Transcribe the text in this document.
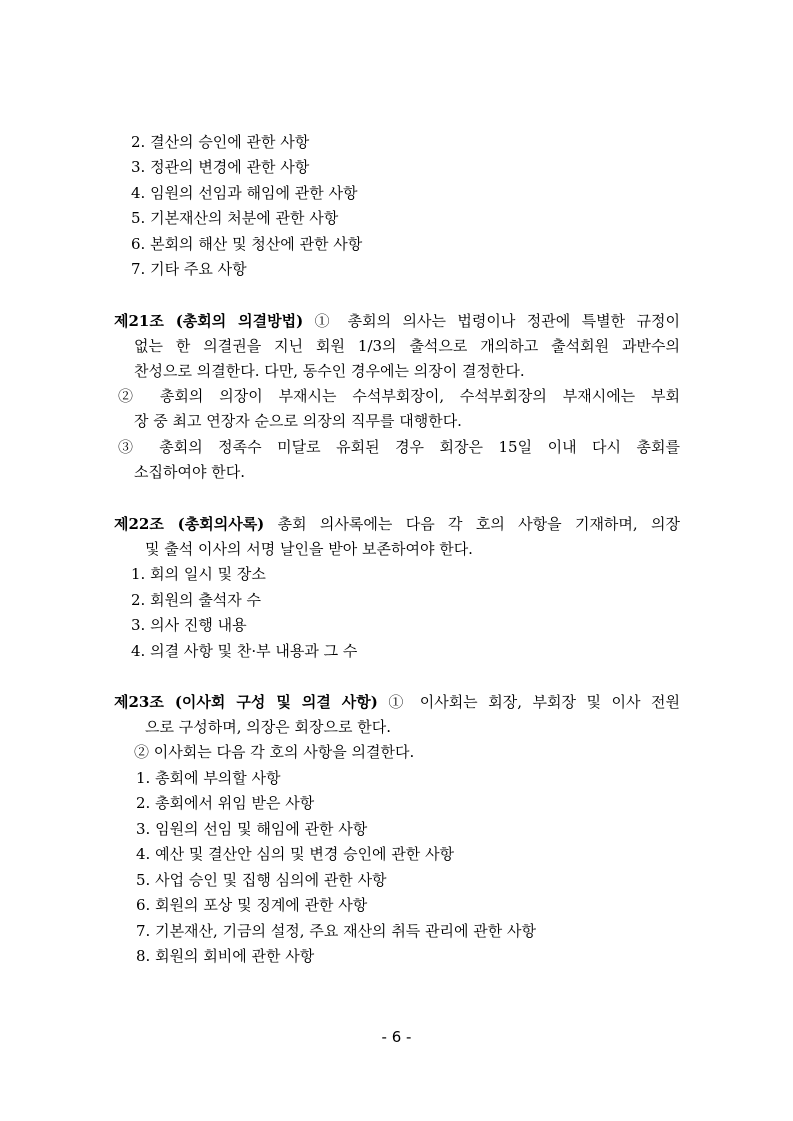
2. 결산의 승인에 관한 사항
3. 정관의 변경에 관한 사항
4. 임원의 선임과 해임에 관한 사항
5. 기본재산의 처분에 관한 사항
6. 본회의 해산 및 청산에 관한 사항
7. 기타 주요 사항
제21조 (총회의 의결방법) ① 총회의 의사는 법령이나 정관에 특별한 규정이
없는 한 의결권을 지닌 회원 1/3의 출석으로 개의하고 출석회원 과반수의
찬성으로 의결한다. 다만, 동수인 경우에는 의장이 결정한다.
② 총회의 의장이 부재시는 수석부회장이, 수석부회장의 부재시에는 부회
장 중 최고 연장자 순으로 의장의 직무를 대행한다.
③ 총회의 정족수 미달로 유회된 경우 회장은 15일 이내 다시 총회를
소집하여야 한다.
제22조 (총회의사록) 총회 의사록에는 다음 각 호의 사항을 기재하며, 의장
및 출석 이사의 서명 날인을 받아 보존하여야 한다.
1. 회의 일시 및 장소
2. 회원의 출석자 수
3. 의사 진행 내용
4. 의결 사항 및 찬·부 내용과 그 수
제23조 (이사회 구성 및 의결 사항) ① 이사회는 회장, 부회장 및 이사 전원
으로 구성하며, 의장은 회장으로 한다.
② 이사회는 다음 각 호의 사항을 의결한다.
1. 총회에 부의할 사항
2. 총회에서 위임 받은 사항
3. 임원의 선임 및 해임에 관한 사항
4. 예산 및 결산안 심의 및 변경 승인에 관한 사항
5. 사업 승인 및 집행 심의에 관한 사항
6. 회원의 포상 및 징계에 관한 사항
7. 기본재산, 기금의 설정, 주요 재산의 취득 관리에 관한 사항
8. 회원의 회비에 관한 사항
- 6 -
